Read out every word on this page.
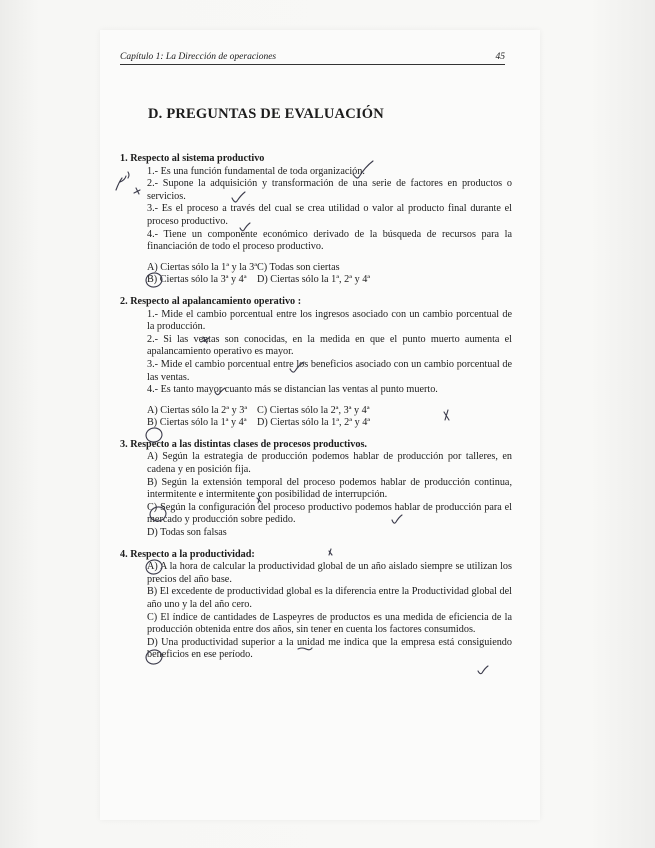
Capítulo 1: La Dirección de operaciones	45
D. PREGUNTAS DE EVALUACIÓN
1. Respecto al sistema productivo
1.- Es una función fundamental de toda organización.
2.- Supone la adquisición y transformación de una serie de factores en productos o servicios.
3.- Es el proceso a través del cual se crea utilidad o valor al producto final durante el proceso productivo.
4.- Tiene un componente económico derivado de la búsqueda de recursos para la financiación de todo el proceso productivo.
A) Ciertas sólo la 1ª y la 3ª C) Todas son ciertas
B) Ciertas sólo la 3ª y 4ª	D) Ciertas sólo la 1ª, 2ª y 4ª
2. Respecto al apalancamiento operativo :
1.- Mide el cambio porcentual entre los ingresos asociado con un cambio porcentual de la producción.
2.- Si las ventas son conocidas, en la medida en que el punto muerto aumenta el apalancamiento operativo es mayor.
3.- Mide el cambio porcentual entre los beneficios asociado con un cambio porcentual de las ventas.
4.- Es tanto mayor cuanto más se distancian las ventas al punto muerto.
A) Ciertas sólo la 2ª y 3ª C) Ciertas sólo la 2ª, 3ª y 4ª
B) Ciertas sólo la 1ª y 4ª	D) Ciertas sólo la 1ª, 2ª y 4ª
3. Respecto a las distintas clases de procesos productivos.
A) Según la estrategia de producción podemos hablar de producción por talleres, en cadena y en posición fija.
B) Según la extensión temporal del proceso podemos hablar de producción continua, intermitente e intermitente con posibilidad de interrupción.
C) Según la configuración del proceso productivo podemos hablar de producción para el mercado y producción sobre pedido.
D) Todas son falsas
4. Respecto a la productividad:
A) A la hora de calcular la productividad global de un año aislado siempre se utilizan los precios del año base.
B) El excedente de productividad global es la diferencia entre la Productividad global del año uno y la del año cero.
C) El índice de cantidades de Laspeyres de productos es una medida de eficiencia de la producción obtenida entre dos años, sin tener en cuenta los factores consumidos.
D) Una productividad superior a la unidad me indica que la empresa está consiguiendo beneficios en ese período.
